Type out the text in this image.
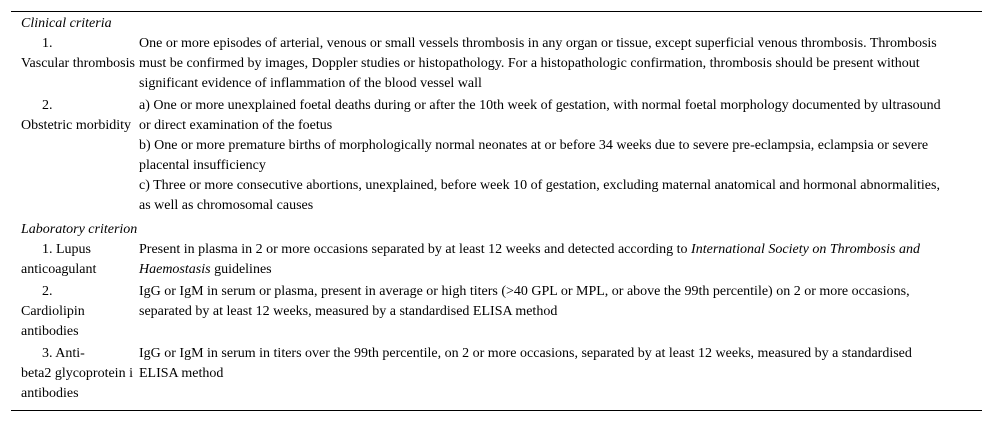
Clinical criteria	

1.
Vascular thrombosis	One or more episodes of arterial, venous or small vessels thrombosis in any organ or tissue, except superficial venous thrombosis. Thrombosis must be confirmed by images, Doppler studies or histopathology. For a histopathologic confirmation, thrombosis should be present without significant evidence of inflammation of the blood vessel wall

2.
Obstetric morbidity	a) One or more unexplained foetal deaths during or after the 10th week of gestation, with normal foetal morphology documented by ultrasound or direct examination of the foetus
b) One or more premature births of morphologically normal neonates at or before 34 weeks due to severe pre-eclampsia, eclampsia or severe placental insufficiency
c) Three or more consecutive abortions, unexplained, before week 10 of gestation, excluding maternal anatomical and hormonal abnormalities, as well as chromosomal causes

Laboratory criterion	

1. Lupus
anticoagulant	Present in plasma in 2 or more occasions separated by at least 12 weeks and detected according to International Society on Thrombosis and Haemostasis guidelines

2.
Cardiolipin antibodies	IgG or IgM in serum or plasma, present in average or high titers (>40 GPL or MPL, or above the 99th percentile) on 2 or more occasions, separated by at least 12 weeks, measured by a standardised ELISA method

3. Anti-
beta2 glycoprotein i antibodies	IgG or IgM in serum in titers over the 99th percentile, on 2 or more occasions, separated by at least 12 weeks, measured by a standardised ELISA method
